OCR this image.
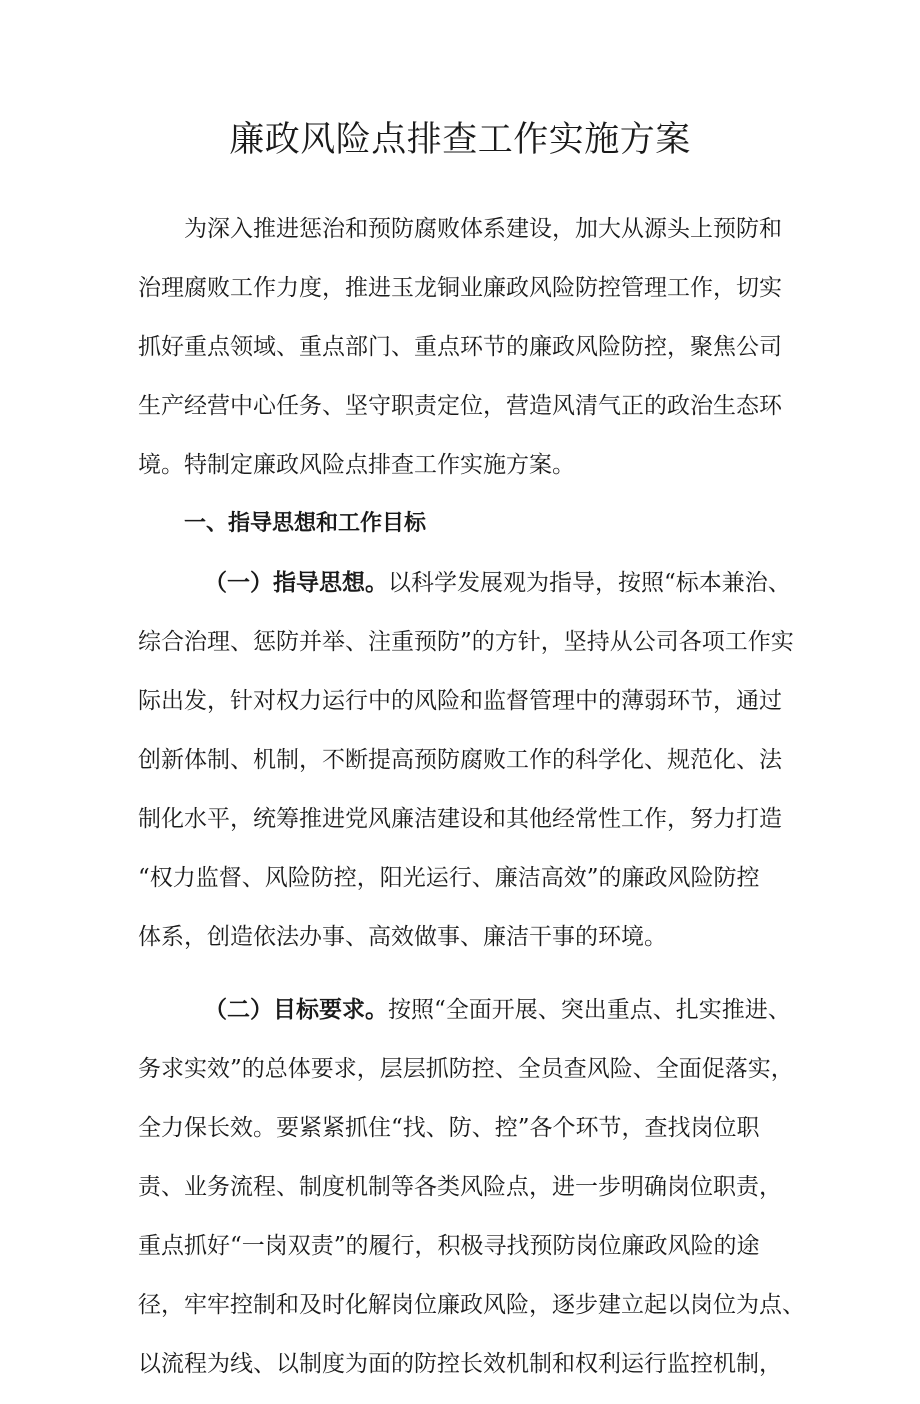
廉政风险点排查工作实施方案
为深入推进惩治和预防腐败体系建设，加大从源头上预防和
治理腐败工作力度，推进玉龙铜业廉政风险防控管理工作，切实
抓好重点领域、重点部门、重点环节的廉政风险防控，聚焦公司
生产经营中心任务、坚守职责定位，营造风清气正的政治生态环
境。特制定廉政风险点排查工作实施方案。
一、指导思想和工作目标
（一）指导思想。以科学发展观为指导，按照“标本兼治、
综合治理、惩防并举、注重预防”的方针，坚持从公司各项工作实
际出发，针对权力运行中的风险和监督管理中的薄弱环节，通过
创新体制、机制，不断提高预防腐败工作的科学化、规范化、法
制化水平，统筹推进党风廉洁建设和其他经常性工作，努力打造
“权力监督、风险防控，阳光运行、廉洁高效”的廉政风险防控
体系，创造依法办事、高效做事、廉洁干事的环境。
（二）目标要求。按照“全面开展、突出重点、扎实推进、
务求实效”的总体要求，层层抓防控、全员查风险、全面促落实，
全力保长效。要紧紧抓住“找、防、控”各个环节，查找岗位职
责、业务流程、制度机制等各类风险点，进一步明确岗位职责，
重点抓好“一岗双责”的履行，积极寻找预防岗位廉政风险的途
径，牢牢控制和及时化解岗位廉政风险，逐步建立起以岗位为点、
以流程为线、以制度为面的防控长效机制和权利运行监控机制，
